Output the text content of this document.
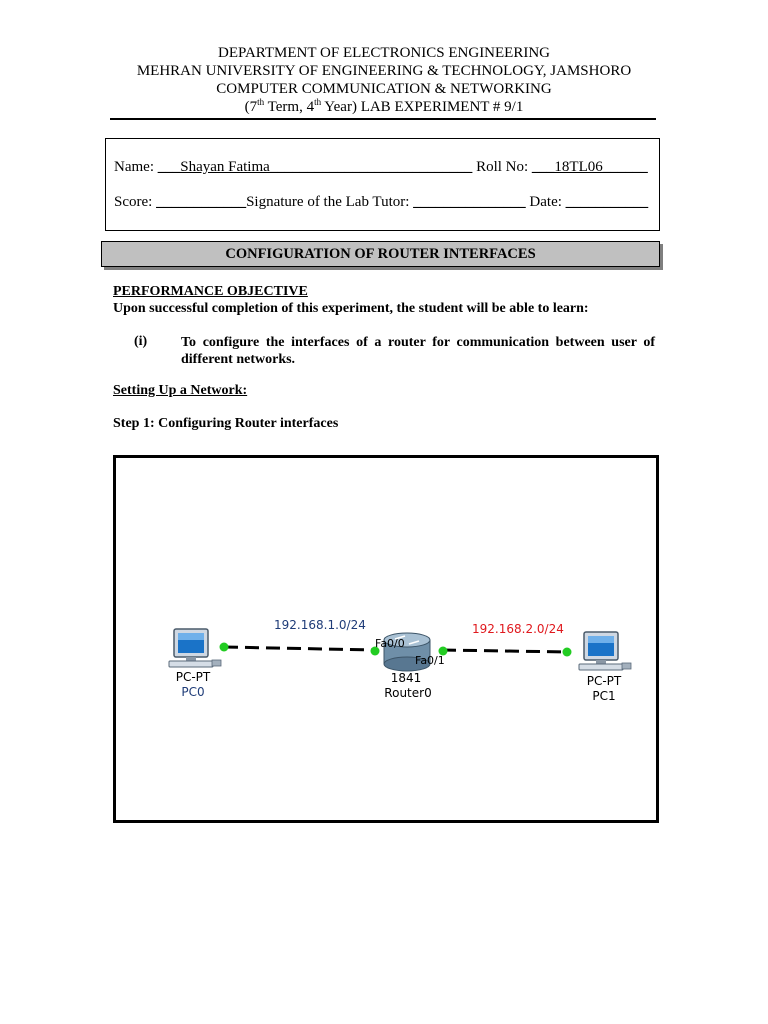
DEPARTMENT OF ELECTRONICS ENGINEERING
MEHRAN UNIVERSITY OF ENGINEERING & TECHNOLOGY, JAMSHORO
COMPUTER COMMUNICATION & NETWORKING
(7th Term, 4th Year) LAB EXPERIMENT # 9/1
Name: ___Shayan Fatima___________________________ Roll No: ___18TL06______
Score: ____________Signature of the Lab Tutor: _______________ Date: ___________
CONFIGURATION OF ROUTER INTERFACES
PERFORMANCE OBJECTIVE
Upon successful completion of this experiment, the student will be able to learn:
(i) To configure the interfaces of a router for communication between user of different networks.
Setting Up a Network:
Step 1: Configuring Router interfaces
192.168.1.0/24	192.168.2.0/24
Fa0/0
Fa0/1
PC-PT
PC0
1841
Router0
PC-PT
PC1
